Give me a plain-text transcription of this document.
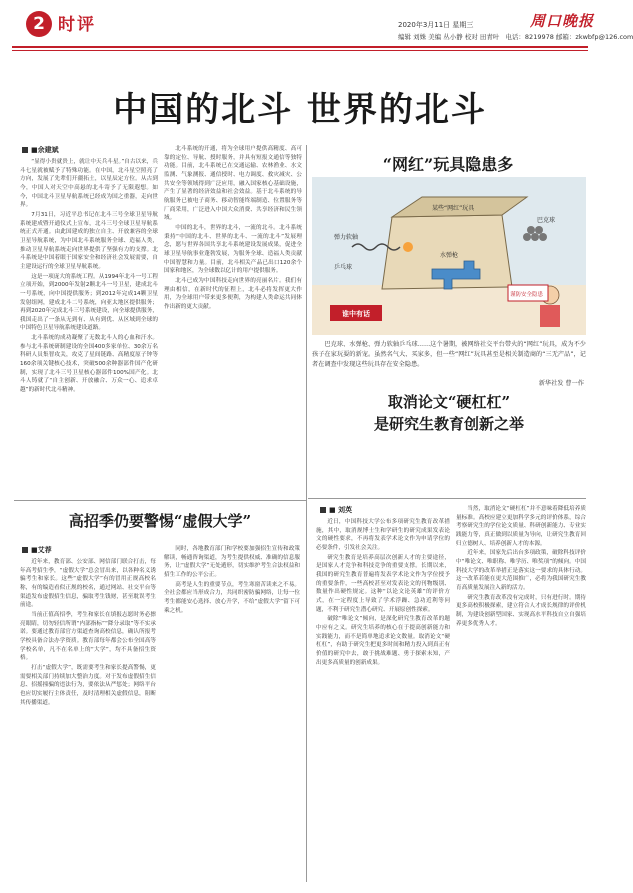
2 时评	2020年3月11日 星期三
编辑 刘姝 美编 丛小静 校对 田青叶 电话：8219978 邮箱：zkwbfp@126.com
周口晚报
中国的北斗 世界的北斗
■余建斌

“显得小贵就贵上，就让中天兵斗星。”自古以来，兵斗七星就被赋予了特殊功能。在中国，北斗星空照亮了方向，发展了先辈们开疆拓土，以星辰定方位。从古到今，中国人对天空中高悬的北斗寄予了无限遐想。如今，中国北斗卫星导航系统已经成为国之重器，走向世界。

7月31日，习近平总书记在北斗三号全球卫星导航系统建成暨开通仪式上宣布，北斗三号全球卫星导航系统正式开通。由此国建成的独立自主、开放兼容的全球卫星导航系统，为中国北斗系统服务全球、造福人类，推动卫星导航系统走向世界提供了坚强有力的支撑。北斗系统是中国着眼于国家安全和经济社会发展需要，自主建设运行的全球卫星导航系统。

这是一项庞大的系统工程。从1994年北斗一号工程立项开始，到2000年发射2颗北斗一号卫星，建成北斗一号系统，向中国提供服务；到2012年完成14颗卫星发射组网，建成北斗二号系统，向亚太地区提供服务；再到2020年完成北斗三号系统建设，向全球提供服务，我国走出了一条从无到有、从有到优、从区域到全球的中国特色卫星导航系统建设道路。

北斗系统的成功凝聚了无数北斗人的心血和汗水。参与北斗系统研制建设的全国400多家单位、30余万名科研人员集智攻关，攻克了星间链路、高精度原子钟等160余项关键核心技术，突破500余种器部件国产化研制，实现了北斗三号卫星核心器部件100%国产化。北斗人铸就了“自主创新、开放融合、万众一心、追求卓越”的新时代北斗精神。

北斗系统的开通，将为全球用户提供高精度、高可靠的定位、导航、授时服务，并具有短报文通信等独特功能。目前，北斗系统已在交通运输、农林渔业、水文监测、气象测报、通信授时、电力调度、救灾减灾、公共安全等领域得到广泛应用，融入国家核心基础设施，产生了显著的经济效益和社会效益。基于北斗系统的导航服务已被电子商务、移动智能终端制造、位置服务等厂商采用，广泛进入中国大众消费、共享经济和民生领域。

中国的北斗，世界的北斗，一流的北斗。北斗系统秉持“中国的北斗、世界的北斗、一流的北斗”发展理念，愿与世界各国共享北斗系统建设发展成果，促进全球卫星导航事业蓬勃发展，为服务全球、造福人类贡献中国智慧和力量。目前，北斗相关产品已出口120余个国家和地区，为全球数以亿计的用户提供服务。

北斗已成为中国科技走向世界的亮丽名片。我们有理由相信，在新时代的征程上，北斗必将发挥更大作用，为全球用户带来更多便利，为构建人类命运共同体作出新的更大贡献。

“网红”玩具隐患多
谁中有话
弹力软轴
乒乓球
某些“网红”玩具
巴克球
水弹枪
谨防安全隐患
巴克球、水弹枪、弹力软轴乒乓球……这个暑期，被网络社交平台带火的“网红”玩具，成为不少孩子在家玩耍的新宠。虽然名气大、买家多，但一些“网红”玩具甚至是相关制造商的“三无产品”，记者在调查中发现这些玩具存在安全隐患。
新华社发 曹一作
取消论文“硬杠杠”
是研究生教育创新之举
■ 刘英

近日，中国科技大学公布多项研究生教育改革措施，其中，取消规博士生和学研生的研究成果发表论文的硬性要求，不再将发表学术论文作为申请学位的必要条件，引发社会关注。

研究生教育是培养高层次创新人才的主要途径，是国家人才竞争和科技竞争的重要支撑。长期以来，我国的研究生教育普遍将发表学术论文作为学位授予的重要条件，一些高校甚至对发表论文的刊物级别、数量作出硬性规定。这种“以论文论英雄”的评价方式，在一定程度上导致了学术浮躁、急功近利等问题，不利于研究生潜心研究、开展原创性探索。

破除“唯论文”倾向，是深化研究生教育改革的题中应有之义。研究生培养的核心在于提高创新能力和实践能力，而不是简单地追求论文数量。取消论文“硬杠杠”，有助于研究生把更多时间和精力投入到真正有价值的研究中去，敢于挑战难题、勇于探索未知，产出更多高质量的创新成果。

当然，取消论文“硬杠杠”并不意味着降低培养质量标准。高校应建立更加科学多元的评价体系，综合考察研究生的学位论文质量、科研创新能力、专业实践能力等，真正做到以质量为导向，让研究生教育回归立德树人、培养创新人才的本源。

近年来，国家先后出台多项政策，破除科技评价中“唯论文、唯职称、唯学历、唯奖项”的倾向。中国科技大学的改革举措正是落实这一要求的具体行动。这一改革若能在更大范围推广，必将为我国研究生教育高质量发展注入新的活力。

研究生教育改革没有完成时，只有进行时。期待更多高校积极探索，建立符合人才成长规律的评价机制，为建设创新型国家、实现高水平科技自立自强培养更多优秀人才。

高招季仍要警惕“虚假大学”
■艾荐

近年来，教育部、公安部、网信部门联合打击，每年高考招生季，“虚假大学”总会冒出来，以各种名义诱骗考生和家长。这些“虚假大学”有的冒用正规高校名称，有的编造看似正规的校名，通过网站、社交平台等渠道发布虚假招生信息，骗取考生钱财，甚至耽误考生前途。

当前正值高招季，考生和家长在填报志愿时务必擦亮眼睛，切勿轻信所谓“内部指标”“降分录取”等不实承诺。要通过教育部官方渠道查询高校信息，确认所报考学校具备合法办学资质。教育部每年都会公布全国高等学校名单，凡不在名单上的“大学”，均不具备招生资格。

打击“虚假大学”，既需要考生和家长提高警惕，更需要相关部门持续加大整治力度。对于发布虚假招生信息、招摇撞骗的违法行为，要依法从严惩处；网络平台也应切实履行主体责任，及时清理相关虚假信息，阻断其传播渠道。

同时，各地教育部门和学校要加强招生宣传和政策解读，畅通咨询渠道，为考生提供权威、准确的信息服务，让“虚假大学”无处遁形，切实维护考生合法权益和招生工作的公平公正。

高考是人生的重要节点，考生寒窗苦读来之不易。全社会都应当形成合力，共同织密防骗网络，让每一位考生都能安心选择、放心升学，不给“虚假大学”留下可乘之机。
